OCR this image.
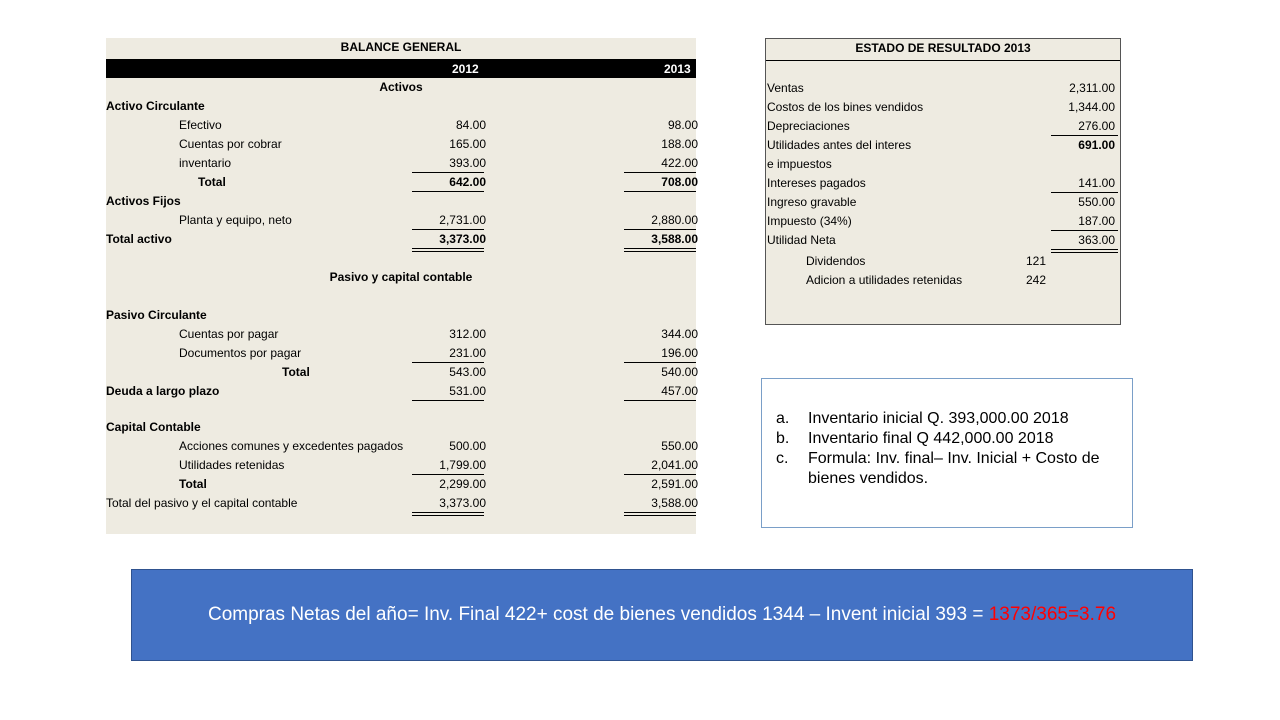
BALANCE GENERAL
2012	2013
Activos
Activo Circulante
Efectivo	84.00	98.00
Cuentas por cobrar	165.00	188.00
inventario	393.00	422.00
Total	642.00	708.00
Activos Fijos
Planta y equipo, neto	2,731.00	2,880.00
Total activo	3,373.00	3,588.00
Pasivo y capital contable
Pasivo Circulante
Cuentas por pagar	312.00	344.00
Documentos por pagar	231.00	196.00
Total	543.00	540.00
Deuda a largo plazo	531.00	457.00
Capital Contable
Acciones comunes y excedentes pagados	500.00	550.00
Utilidades retenidas	1,799.00	2,041.00
Total	2,299.00	2,591.00
Total del pasivo y el capital contable	3,373.00	3,588.00
ESTADO DE RESULTADO 2013
Ventas	2,311.00
Costos de los bines vendidos	1,344.00
Depreciaciones	276.00
Utilidades antes del interes	691.00
e impuestos
Intereses pagados	141.00
Ingreso gravable	550.00
Impuesto (34%)	187.00
Utilidad Neta	363.00
Dividendos	121
Adicion a utilidades retenidas	242
a. Inventario inicial Q. 393,000.00 2018
b. Inventario final Q 442,000.00 2018
c. Formula: Inv. final– Inv. Inicial + Costo de bienes vendidos.
Compras Netas del año= Inv. Final 422+ cost de bienes vendidos 1344 – Invent inicial 393 = 1373/365=3.76
